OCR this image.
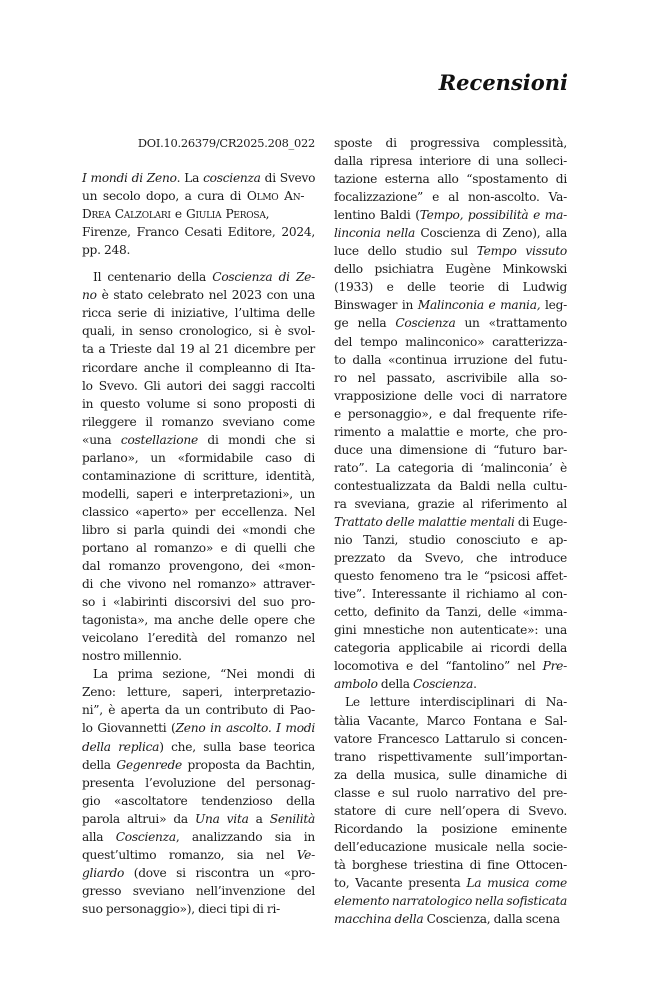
Recensioni
DOI.10.26379/CR2025.208_022
I mondi di Zeno. La coscienza di Svevo
un secolo dopo, a cura di Olmo An-
Drea Calzolari e Giulia Perosa,
Firenze, Franco Cesati Editore, 2024,
pp. 248.
Il centenario della Coscienza di Ze-
no è stato celebrato nel 2023 con una
ricca serie di iniziative, l’ultima delle
quali, in senso cronologico, si è svol-
ta a Trieste dal 19 al 21 dicembre per
ricordare anche il compleanno di Ita-
lo Svevo. Gli autori dei saggi raccolti
in questo volume si sono proposti di
rileggere il romanzo sveviano come
«una costellazione di mondi che si
parlano», un «formidabile caso di
contaminazione di scritture, identità,
modelli, saperi e interpretazioni», un
classico «aperto» per eccellenza. Nel
libro si parla quindi dei «mondi che
portano al romanzo» e di quelli che
dal romanzo provengono, dei «mon-
di che vivono nel romanzo» attraver-
so i «labirinti discorsivi del suo pro-
tagonista», ma anche delle opere che
veicolano l’eredità del romanzo nel
nostro millennio.
La prima sezione, “Nei mondi di
Zeno: letture, saperi, interpretazio-
ni”, è aperta da un contributo di Pao-
lo Giovannetti (Zeno in ascolto. I modi
della replica) che, sulla base teorica
della Gegenrede proposta da Bachtin,
presenta l’evoluzione del personag-
gio «ascoltatore tendenzioso della
parola altrui» da Una vita a Senilità
alla Coscienza, analizzando sia in
quest’ultimo romanzo, sia nel Ve-
gliardo (dove si riscontra un «pro-
gresso sveviano nell’invenzione del
suo personaggio»), dieci tipi di ri-
sposte di progressiva complessità,
dalla ripresa interiore di una solleci-
tazione esterna allo “spostamento di
focalizzazione” e al non-ascolto. Va-
lentino Baldi (Tempo, possibilità e ma-
linconia nella Coscienza di Zeno), alla
luce dello studio sul Tempo vissuto
dello psichiatra Eugène Minkowski
(1933) e delle teorie di Ludwig
Binswager in Malinconia e mania, leg-
ge nella Coscienza un «trattamento
del tempo malinconico» caratterizza-
to dalla «continua irruzione del futu-
ro nel passato, ascrivibile alla so-
vrapposizione delle voci di narratore
e personaggio», e dal frequente rife-
rimento a malattie e morte, che pro-
duce una dimensione di “futuro bar-
rato”. La categoria di ‘malinconia’ è
contestualizzata da Baldi nella cultu-
ra sveviana, grazie al riferimento al
Trattato delle malattie mentali di Euge-
nio Tanzi, studio conosciuto e ap-
prezzato da Svevo, che introduce
questo fenomeno tra le “psicosi affet-
tive”. Interessante il richiamo al con-
cetto, definito da Tanzi, delle «imma-
gini mnestiche non autenticate»: una
categoria applicabile ai ricordi della
locomotiva e del “fantolino” nel Pre-
ambolo della Coscienza.
Le letture interdisciplinari di Na-
tàlia Vacante, Marco Fontana e Sal-
vatore Francesco Lattarulo si concen-
trano rispettivamente sull’importan-
za della musica, sulle dinamiche di
classe e sul ruolo narrativo del pre-
statore di cure nell’opera di Svevo.
Ricordando la posizione eminente
dell’educazione musicale nella socie-
tà borghese triestina di fine Ottocen-
to, Vacante presenta La musica come
elemento narratologico nella sofisticata
macchina della Coscienza, dalla scena
